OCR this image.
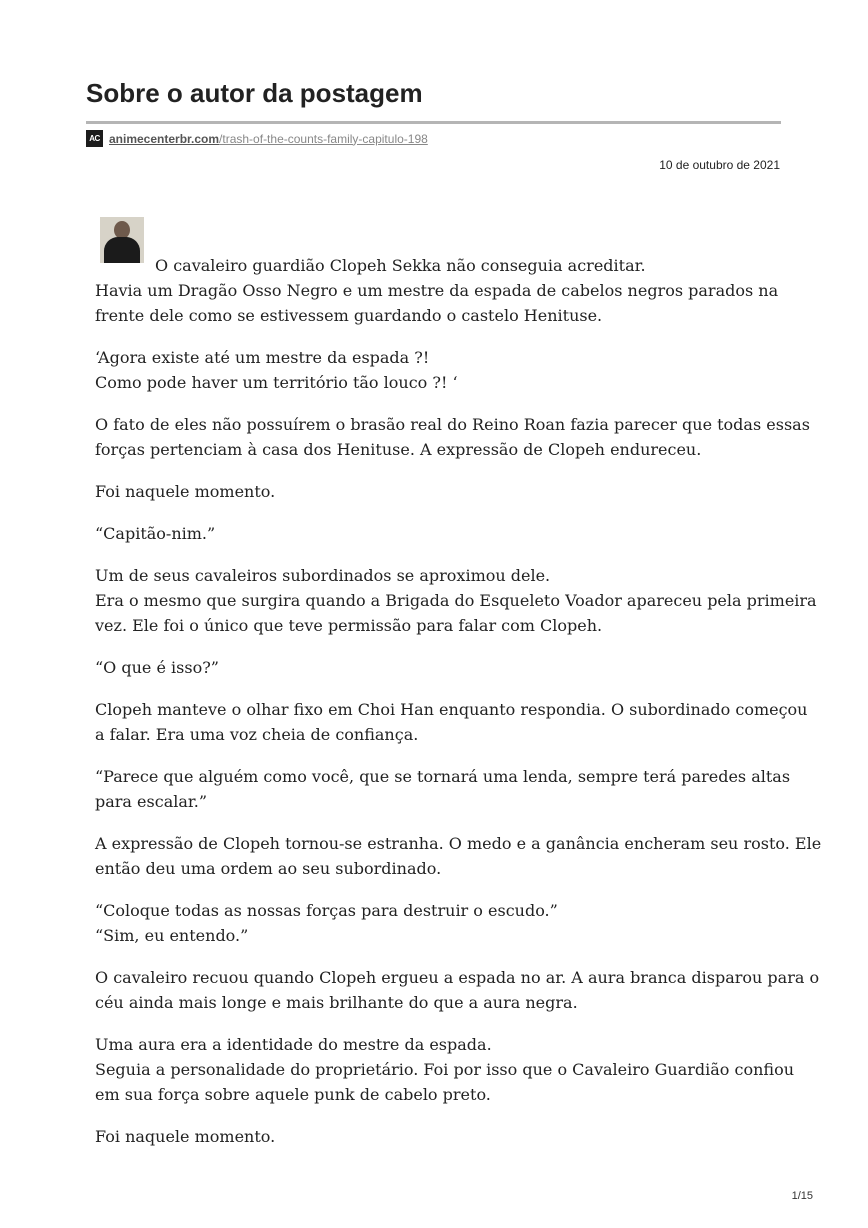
Sobre o autor da postagem
AC animecenterbr.com /trash-of-the-counts-family-capitulo-198
10 de outubro de 2021

O cavaleiro guardião Clopeh Sekka não conseguia acreditar.
Havia um Dragão Osso Negro e um mestre da espada de cabelos negros parados na
frente dele como se estivessem guardando o castelo Henituse.

‘Agora existe até um mestre da espada ?!
Como pode haver um território tão louco ?! ‘

O fato de eles não possuírem o brasão real do Reino Roan fazia parecer que todas essas
forças pertenciam à casa dos Henituse. A expressão de Clopeh endureceu.

Foi naquele momento.

“Capitão-nim.”

Um de seus cavaleiros subordinados se aproximou dele.
Era o mesmo que surgira quando a Brigada do Esqueleto Voador apareceu pela primeira
vez. Ele foi o único que teve permissão para falar com Clopeh.

“O que é isso?”

Clopeh manteve o olhar fixo em Choi Han enquanto respondia. O subordinado começou
a falar. Era uma voz cheia de confiança.

“Parece que alguém como você, que se tornará uma lenda, sempre terá paredes altas
para escalar.”

A expressão de Clopeh tornou-se estranha. O medo e a ganância encheram seu rosto. Ele
então deu uma ordem ao seu subordinado.

“Coloque todas as nossas forças para destruir o escudo.”
“Sim, eu entendo.”

O cavaleiro recuou quando Clopeh ergueu a espada no ar. A aura branca disparou para o
céu ainda mais longe e mais brilhante do que a aura negra.

Uma aura era a identidade do mestre da espada.
Seguia a personalidade do proprietário. Foi por isso que o Cavaleiro Guardião confiou
em sua força sobre aquele punk de cabelo preto.

Foi naquele momento.

1/15
